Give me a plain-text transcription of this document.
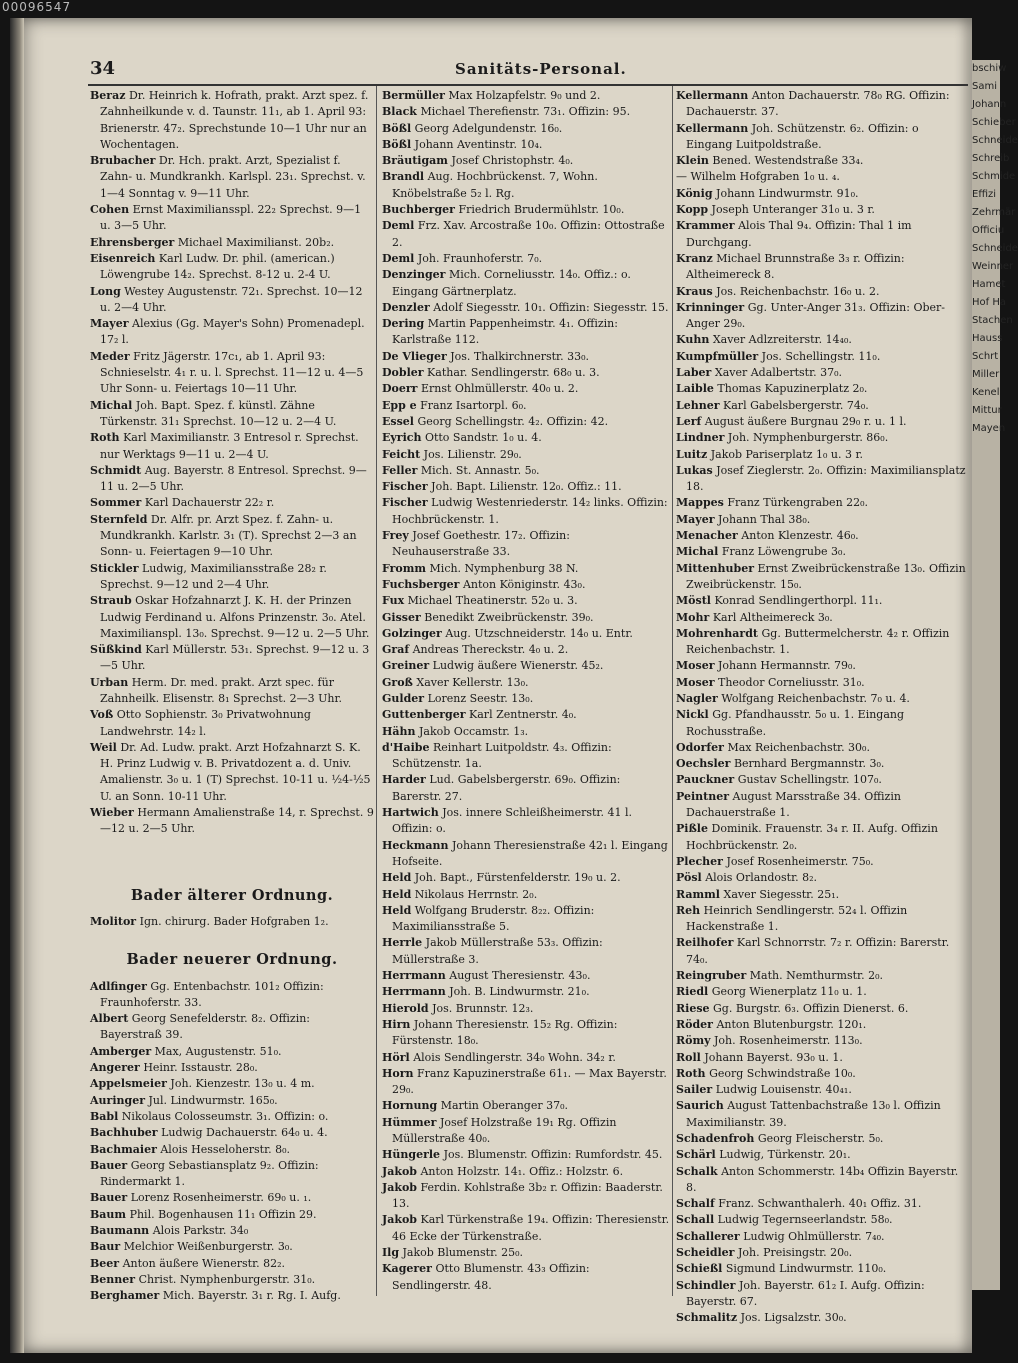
00096547
bschiw
Sami
Johann
Schieber
Schneide
Schreib
Schmide
Effizi
Zehrmär
Officiu
Schneide
Weinner
Hamet
Hof Ha
Stachen
Hauss
Schrt
Miller
Kenel
Mittur
Mayen
34	Sanitäts-Personal.

Beraz Dr. Heinrich k. Hofrath, prakt. Arzt spez. f. Zahnheilkunde v. d. Taunstr. 11₁, ab 1. April 93: Brienerstr. 47₂. Sprechstunde 10—1 Uhr nur an Wochentagen.

Brubacher Dr. Hch. prakt. Arzt, Spezialist f. Zahn- u. Mundkrankh. Karlspl. 23₁. Sprechst. v. 1—4 Sonntag v. 9—11 Uhr.

Cohen Ernst Maximiliansspl. 22₂ Sprechst. 9—1 u. 3—5 Uhr.

Ehrensberger Michael Maximilianst. 20b₂.

Eisenreich Karl Ludw. Dr. phil. (american.) Löwengrube 14₂. Sprechst. 8-12 u. 2-4 U.

Long Westey Augustenstr. 72₁. Sprechst. 10—12 u. 2—4 Uhr.

Mayer Alexius (Gg. Mayer's Sohn) Promenadepl. 17₂ l.

Meder Fritz Jägerstr. 17c₁, ab 1. April 93: Schnieselstr. 4₁ r. u. l. Sprechst. 11—12 u. 4—5 Uhr Sonn- u. Feiertags 10—11 Uhr.

Michal Joh. Bapt. Spez. f. künstl. Zähne Türkenstr. 31₁ Sprechst. 10—12 u. 2—4 U.

Roth Karl Maximilianstr. 3 Entresol r. Sprechst. nur Werktags 9—11 u. 2—4 U.

Schmidt Aug. Bayerstr. 8 Entresol. Sprechst. 9—11 u. 2—5 Uhr.

Sommer Karl Dachauerstr 22₂ r.

Sternfeld Dr. Alfr. pr. Arzt Spez. f. Zahn- u. Mundkrankh. Karlstr. 3₁ (T). Sprechst 2—3 an Sonn- u. Feiertagen 9—10 Uhr.

Stickler Ludwig, Maximiliansstraße 28₂ r. Sprechst. 9—12 und 2—4 Uhr.

Straub Oskar Hofzahnarzt J. K. H. der Prinzen Ludwig Ferdinand u. Alfons Prinzenstr. 3₀. Atel. Maximilianspl. 13₀. Sprechst. 9—12 u. 2—5 Uhr.

Süßkind Karl Müllerstr. 53₁. Sprechst. 9—12 u. 3—5 Uhr.

Urban Herm. Dr. med. prakt. Arzt spec. für Zahnheilk. Elisenstr. 8₁ Sprechst. 2—3 Uhr.

Voß Otto Sophienstr. 3₀ Privatwohnung Landwehrstr. 14₂ l.

Weil Dr. Ad. Ludw. prakt. Arzt Hofzahnarzt S. K. H. Prinz Ludwig v. B. Privatdozent a. d. Univ. Amalienstr. 3₀ u. 1 (T) Sprechst. 10-11 u. ½4-½5 U. an Sonn. 10-11 Uhr.

Wieber Hermann Amalienstraße 14, r. Sprechst. 9—12 u. 2—5 Uhr.

Bader älterer Ordnung.

Molitor Ign. chirurg. Bader Hofgraben 1₂.

Bader neuerer Ordnung.

Adlfinger Gg. Entenbachstr. 101₂ Offizin: Fraunhoferstr. 33.

Albert Georg Senefelderstr. 8₂. Offizin: Bayerstraß 39.

Amberger Max, Augustenstr. 51₀.

Angerer Heinr. Isstaustr. 28₀.

Appelsmeier Joh. Kienzestr. 13₀ u. 4 m.

Auringer Jul. Lindwurmstr. 165₀.

Babl Nikolaus Colosseumstr. 3₁. Offizin: o.

Bachhuber Ludwig Dachauerstr. 64₀ u. 4.

Bachmaier Alois Hesseloherstr. 8₀.

Bauer Georg Sebastiansplatz 9₂. Offizin: Rindermarkt 1.

Bauer Lorenz Rosenheimerstr. 69₀ u. ₁.

Baum Phil. Bogenhausen 11₁ Offizin 29.

Baumann Alois Parkstr. 34₀

Baur Melchior Weißenburgerstr. 3₀.

Beer Anton äußere Wienerstr. 82₂.

Benner Christ. Nymphenburgerstr. 31₀.

Berghamer Mich. Bayerstr. 3₁ r. Rg. I. Aufg.

Bermüller Max Holzapfelstr. 9₀ und 2.

Black Michael Therefienstr. 73₁. Offizin: 95.

Bößl Georg Adelgundenstr. 16₀.

Bößl Johann Aventinstr. 10₄.

Bräutigam Josef Christophstr. 4₀.

Brandl Aug. Hochbrückenst. 7, Wohn. Knöbelstraße 5₂ l. Rg.

Buchberger Friedrich Brudermühlstr. 10₀.

Deml Frz. Xav. Arcostraße 10₀. Offizin: Ottostraße 2.

Deml Joh. Fraunhoferstr. 7₀.

Denzinger Mich. Corneliusstr. 14₀. Offiz.: o. Eingang Gärtnerplatz.

Denzler Adolf Siegesstr. 10₁. Offizin: Siegesstr. 15.

Dering Martin Pappenheimstr. 4₁. Offizin: Karlstraße 112.

De Vlieger Jos. Thalkirchnerstr. 33₀.

Dobler Kathar. Sendlingerstr. 68₀ u. 3.

Doerr Ernst Ohlmüllerstr. 40₀ u. 2.

Epp e Franz Isartorpl. 6₀.

Essel Georg Schellingstr. 4₂. Offizin: 42.

Eyrich Otto Sandstr. 1₀ u. 4.

Feicht Jos. Lilienstr. 29₀.

Feller Mich. St. Annastr. 5₀.

Fischer Joh. Bapt. Lilienstr. 12₀. Offiz.: 11.

Fischer Ludwig Westenriederstr. 14₂ links. Offizin: Hochbrückenstr. 1.

Frey Josef Goethestr. 17₂. Offizin: Neuhauserstraße 33.

Fromm Mich. Nymphenburg 38 N.

Fuchsberger Anton Königinstr. 43₀.

Fux Michael Theatinerstr. 52₀ u. 3.

Gisser Benedikt Zweibrückenstr. 39₀.

Golzinger Aug. Utzschneiderstr. 14₀ u. Entr.

Graf Andreas Thereckstr. 4₀ u. 2.

Greiner Ludwig äußere Wienerstr. 45₂.

Groß Xaver Kellerstr. 13₀.

Gulder Lorenz Seestr. 13₀.

Guttenberger Karl Zentnerstr. 4₀.

Hähn Jakob Occamstr. 1₃.

d'Haibe Reinhart Luitpoldstr. 4₃. Offizin: Schützenstr. 1a.

Harder Lud. Gabelsbergerstr. 69₀. Offizin: Barerstr. 27.

Hartwich Jos. innere Schleißheimerstr. 41 l. Offizin: o.

Heckmann Johann Theresienstraße 42₁ l. Eingang Hofseite.

Held Joh. Bapt., Fürstenfelderstr. 19₀ u. 2.

Held Nikolaus Herrnstr. 2₀.

Held Wolfgang Bruderstr. 8₂₂. Offizin: Maximiliansstraße 5.

Herrle Jakob Müllerstraße 53₃. Offizin: Müllerstraße 3.

Herrmann August Theresienstr. 43₀.

Herrmann Joh. B. Lindwurmstr. 21₀.

Hierold Jos. Brunnstr. 12₃.

Hirn Johann Theresienstr. 15₂ Rg. Offizin: Fürstenstr. 18₀.

Hörl Alois Sendlingerstr. 34₀ Wohn. 34₂ r.

Horn Franz Kapuzinerstraße 61₁. — Max Bayerstr. 29₀.

Hornung Martin Oberanger 37₀.

Hümmer Josef Holzstraße 19₁ Rg. Offizin Müllerstraße 40₀.

Hüngerle Jos. Blumenstr. Offizin: Rumfordstr. 45.

Jakob Anton Holzstr. 14₁. Offiz.: Holzstr. 6.

Jakob Ferdin. Kohlstraße 3b₂ r. Offizin: Baaderstr. 13.

Jakob Karl Türkenstraße 19₄. Offizin: Theresienstr. 46 Ecke der Türkenstraße.

Ilg Jakob Blumenstr. 25₀.

Kagerer Otto Blumenstr. 43₃ Offizin: Sendlingerstr. 48.

Kellermann Anton Dachauerstr. 78₀ RG. Offizin: Dachauerstr. 37.

Kellermann Joh. Schützenstr. 6₂. Offizin: o Eingang Luitpoldstraße.

Klein Bened. Westendstraße 33₄.

— Wilhelm Hofgraben 1₀ u. ₄.

König Johann Lindwurmstr. 91₀.

Kopp Joseph Unteranger 31₀ u. 3 r.

Krammer Alois Thal 9₄. Offizin: Thal 1 im Durchgang.

Kranz Michael Brunnstraße 3₃ r. Offizin: Altheimereck 8.

Kraus Jos. Reichenbachstr. 16₀ u. 2.

Krinninger Gg. Unter-Anger 31₃. Offizin: Ober-Anger 29₀.

Kuhn Xaver Adlzreiterstr. 14₄₀.

Kumpfmüller Jos. Schellingstr. 11₀.

Laber Xaver Adalbertstr. 37₀.

Laible Thomas Kapuzinerplatz 2₀.

Lehner Karl Gabelsbergerstr. 74₀.

Lerf August äußere Burgnau 29₀ r. u. 1 l.

Lindner Joh. Nymphenburgerstr. 86₀.

Luitz Jakob Pariserplatz 1₀ u. 3 r.

Lukas Josef Zieglerstr. 2₀. Offizin: Maximiliansplatz 18.

Mappes Franz Türkengraben 22₀.

Mayer Johann Thal 38₀.

Menacher Anton Klenzestr. 46₀.

Michal Franz Löwengrube 3₀.

Mittenhuber Ernst Zweibrückenstraße 13₀. Offizin Zweibrückenstr. 15₀.

Möstl Konrad Sendlingerthorpl. 11₁.

Mohr Karl Altheimereck 3₀.

Mohrenhardt Gg. Buttermelcherstr. 4₂ r. Offizin Reichenbachstr. 1.

Moser Johann Hermannstr. 79₀.

Moser Theodor Corneliusstr. 31₀.

Nagler Wolfgang Reichenbachstr. 7₀ u. 4.

Nickl Gg. Pfandhausstr. 5₀ u. 1. Eingang Rochusstraße.

Odorfer Max Reichenbachstr. 30₀.

Oechsler Bernhard Bergmannstr. 3₀.

Pauckner Gustav Schellingstr. 107₀.

Peintner August Marsstraße 34. Offizin Dachauerstraße 1.

Pißle Dominik. Frauenstr. 3₄ r. II. Aufg. Offizin Hochbrückenstr. 2₀.

Plecher Josef Rosenheimerstr. 75₀.

Pösl Alois Orlandostr. 8₂.

Ramml Xaver Siegesstr. 25₁.

Reh Heinrich Sendlingerstr. 52₄ l. Offizin Hackenstraße 1.

Reilhofer Karl Schnorrstr. 7₂ r. Offizin: Barerstr. 74₀.

Reingruber Math. Nemthurmstr. 2₀.

Riedl Georg Wienerplatz 11₀ u. 1.

Riese Gg. Burgstr. 6₃. Offizin Dienerst. 6.

Röder Anton Blutenburgstr. 120₁.

Römy Joh. Rosenheimerstr. 113₀.

Roll Johann Bayerst. 93₀ u. 1.

Roth Georg Schwindstraße 10₀.

Sailer Ludwig Louisenstr. 40₄₁.

Saurich August Tattenbachstraße 13₀ l. Offizin Maximilianstr. 39.

Schadenfroh Georg Fleischerstr. 5₀.

Schärl Ludwig, Türkenstr. 20₁.

Schalk Anton Schommerstr. 14b₄ Offizin Bayerstr. 8.

Schalf Franz. Schwanthalerh. 40₁ Offiz. 31.

Schall Ludwig Tegernseerlandstr. 58₀.

Schallerer Ludwig Ohlmüllerstr. 7₄₀.

Scheidler Joh. Preisingstr. 20₀.

Schießl Sigmund Lindwurmstr. 110₀.

Schindler Joh. Bayerstr. 61₂ I. Aufg. Offizin: Bayerstr. 67.

Schmalitz Jos. Ligsalzstr. 30₀.
